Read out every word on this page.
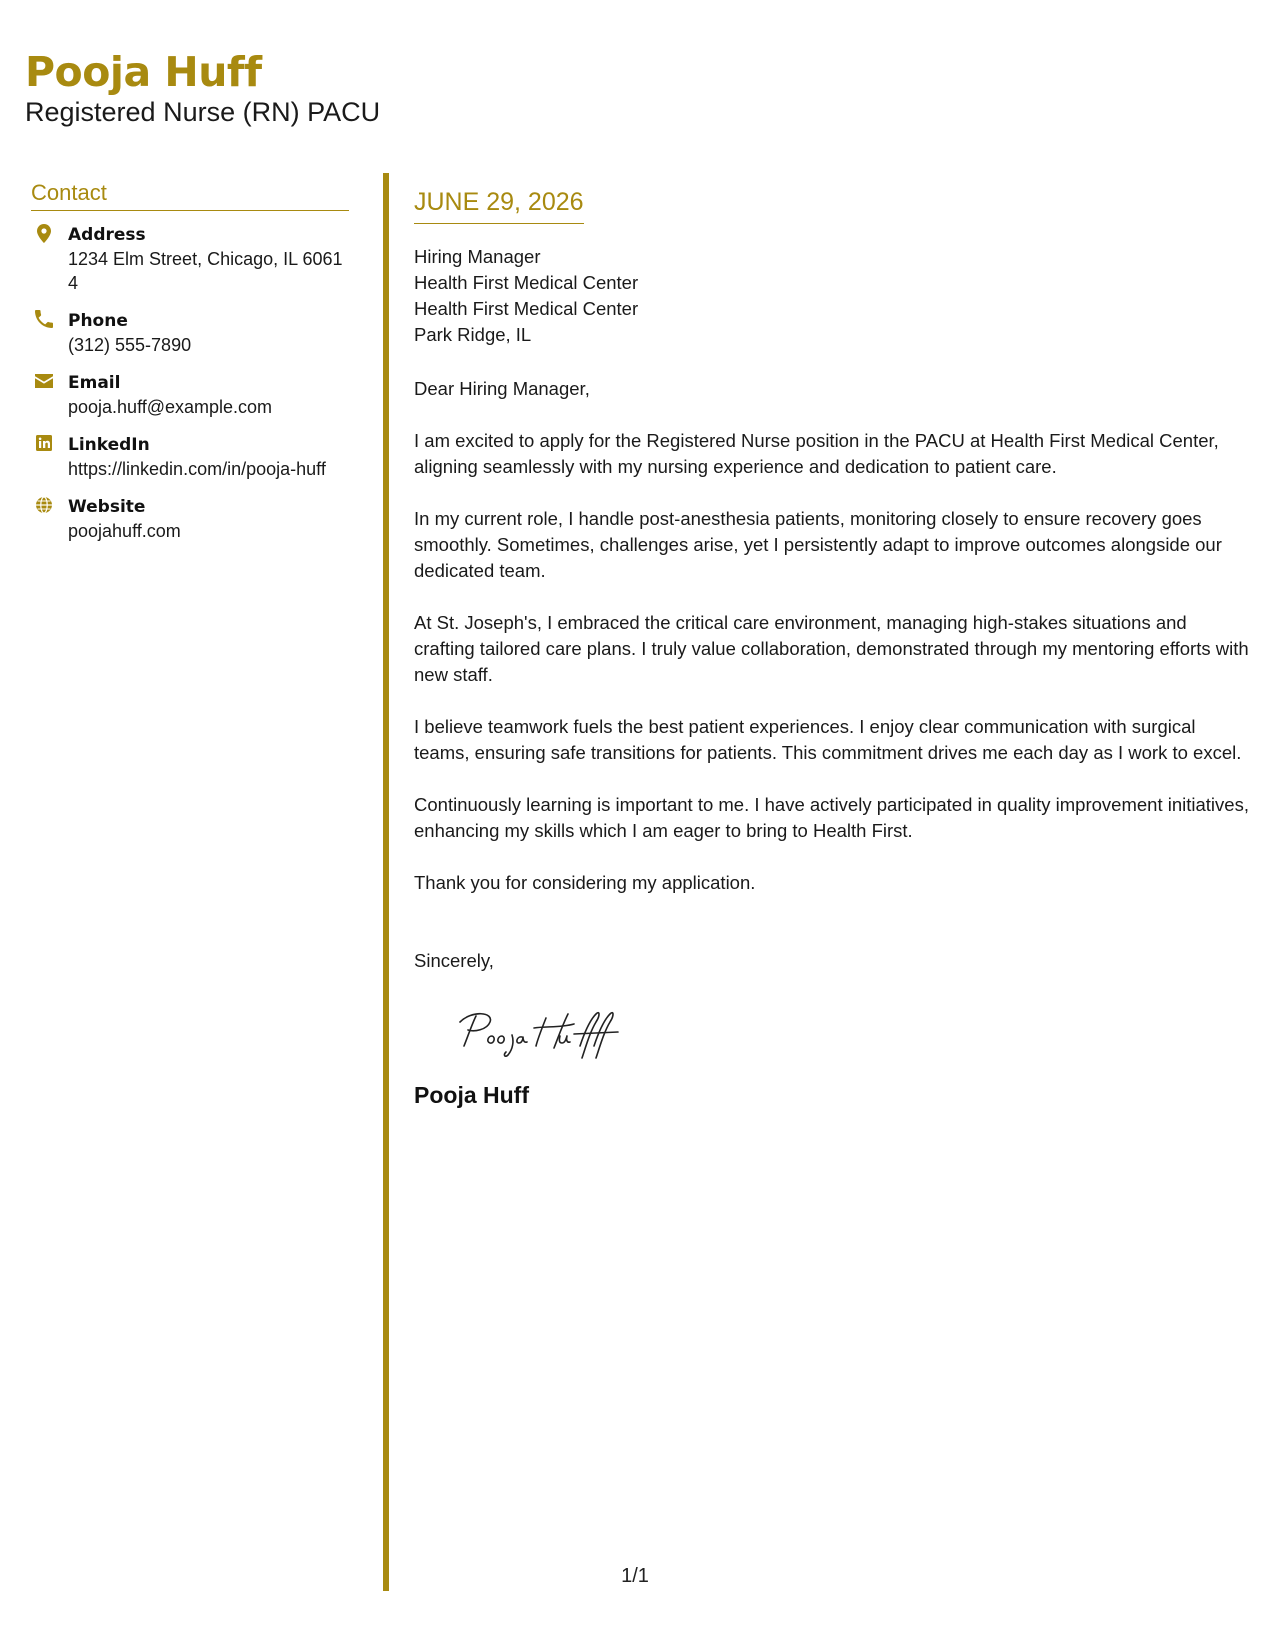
Pooja Huff
Registered Nurse (RN) PACU
Contact
Address
1234 Elm Street, Chicago, IL 60614
Phone
(312) 555-7890
Email
pooja.huff@example.com
LinkedIn
https://linkedin.com/in/pooja-huff
Website
poojahuff.com
JUNE 29, 2026
Hiring Manager
Health First Medical Center
Health First Medical Center
Park Ridge, IL
Dear Hiring Manager,

I am excited to apply for the Registered Nurse position in the PACU at Health First Medical Center, aligning seamlessly with my nursing experience and dedication to patient care.

In my current role, I handle post-anesthesia patients, monitoring closely to ensure recovery goes smoothly. Sometimes, challenges arise, yet I persistently adapt to improve outcomes alongside our dedicated team.

At St. Joseph's, I embraced the critical care environment, managing high-stakes situations and crafting tailored care plans. I truly value collaboration, demonstrated through my mentoring efforts with new staff.

I believe teamwork fuels the best patient experiences. I enjoy clear communication with surgical teams, ensuring safe transitions for patients. This commitment drives me each day as I work to excel.

Continuously learning is important to me. I have actively participated in quality improvement initiatives, enhancing my skills which I am eager to bring to Health First.

Thank you for considering my application.

Sincerely,
Pooja Huff
1/1
